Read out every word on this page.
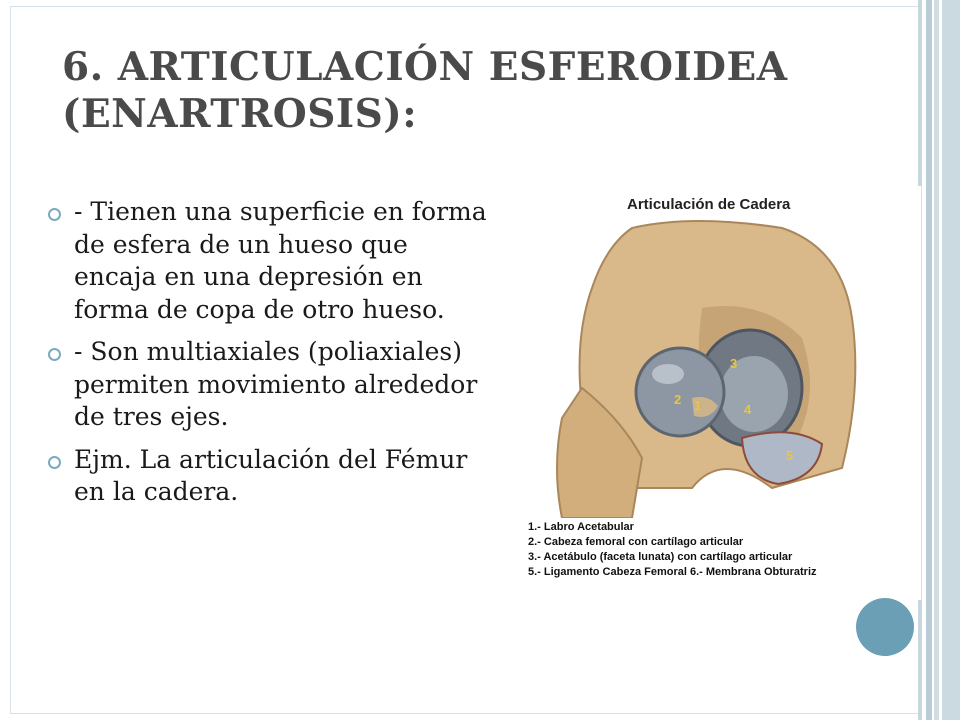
6. ARTICULACIÓN ESFEROIDEA
(ENARTROSIS):
- Tienen una superficie en forma de esfera de un hueso que encaja en una depresión en forma de copa de otro hueso.
- Son multiaxiales (poliaxiales) permiten movimiento alrededor de tres ejes.
Ejm. La articulación del Fémur en la cadera.
Articulación de Cadera
1
2
3
4
5
1.- Labro Acetabular
2.- Cabeza femoral con cartílago articular
3.- Acetábulo (faceta lunata) con cartílago articular
5.- Ligamento Cabeza Femoral 6.- Membrana Obturatriz
